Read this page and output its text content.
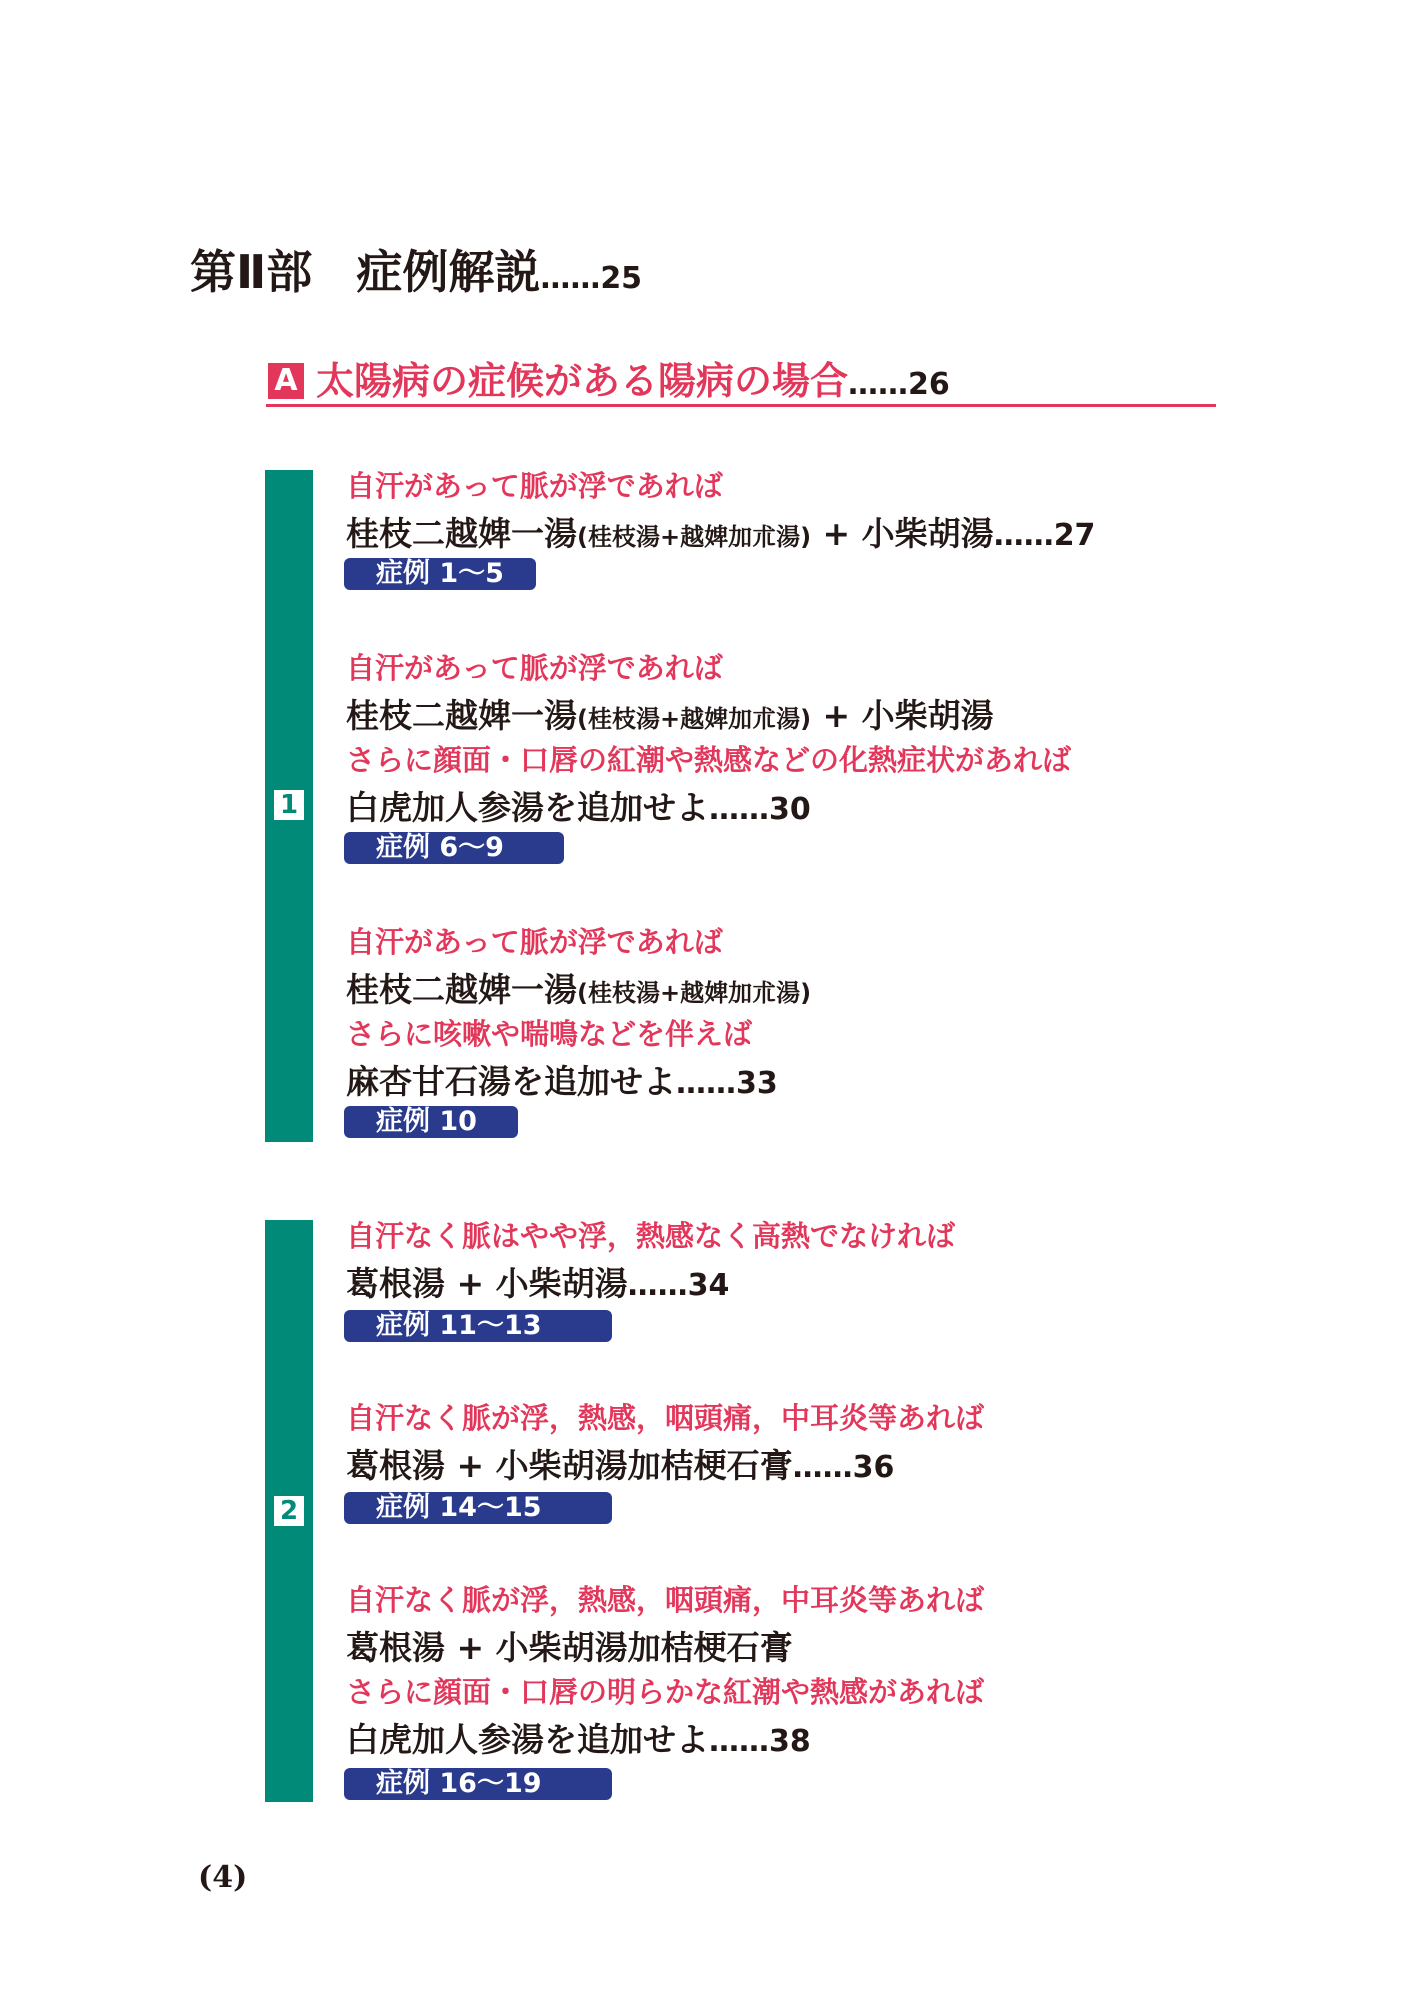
第Ⅱ部 症例解説……25
A 太陽病の症候がある陽病の場合……26
1
自汗があって脈が浮であれば
桂枝二越婢一湯(桂枝湯+越婢加朮湯) + 小柴胡湯……27
症例 1～5
自汗があって脈が浮であれば
桂枝二越婢一湯(桂枝湯+越婢加朮湯) + 小柴胡湯
さらに顔面・口唇の紅潮や熱感などの化熱症状があれば
白虎加人参湯を追加せよ……30
症例 6～9
自汗があって脈が浮であれば
桂枝二越婢一湯(桂枝湯+越婢加朮湯)
さらに咳嗽や喘鳴などを伴えば
麻杏甘石湯を追加せよ……33
症例 10
2
自汗なく脈はやや浮，熱感なく高熱でなければ
葛根湯 + 小柴胡湯……34
症例 11～13
自汗なく脈が浮，熱感，咽頭痛，中耳炎等あれば
葛根湯 + 小柴胡湯加桔梗石膏……36
症例 14～15
自汗なく脈が浮，熱感，咽頭痛，中耳炎等あれば
葛根湯 + 小柴胡湯加桔梗石膏
さらに顔面・口唇の明らかな紅潮や熱感があれば
白虎加人参湯を追加せよ……38
症例 16～19
(4)
